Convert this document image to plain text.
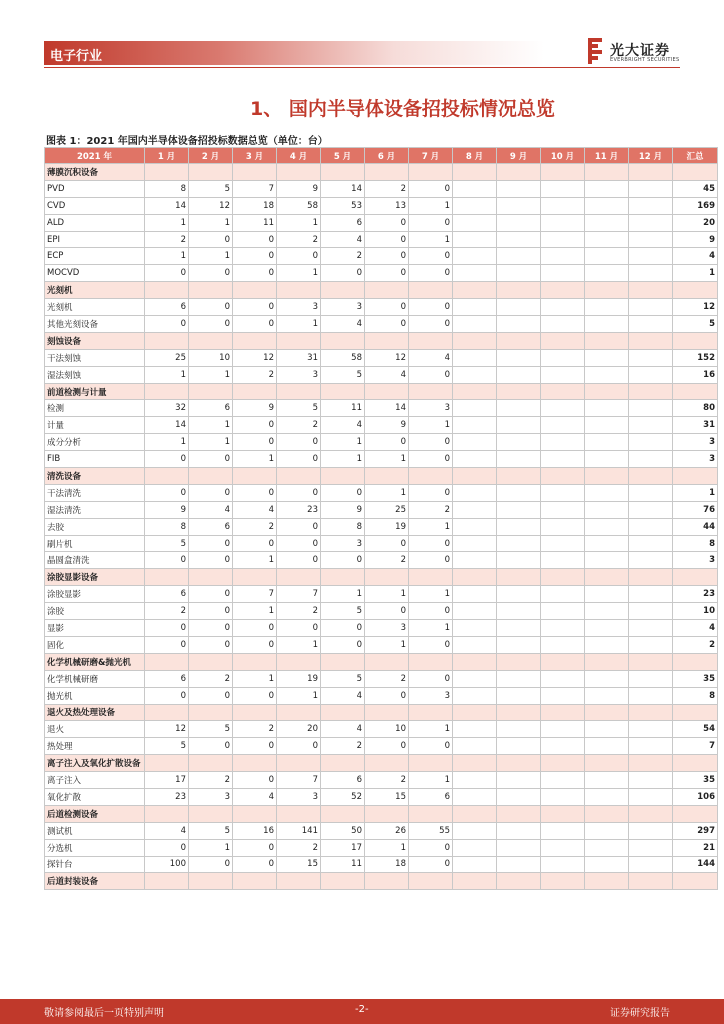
电子行业	光大证券
EVERBRIGHT SECURITIES
1、 国内半导体设备招投标情况总览
图表 1：2021 年国内半导体设备招投标数据总览（单位：台）
2021 年	1 月	2 月	3 月	4 月	5 月	6 月	7 月	8 月	9 月	10 月	11 月	12 月	汇总
薄膜沉积设备													
PVD	8	5	7	9	14	2	0						45
CVD	14	12	18	58	53	13	1						169
ALD	1	1	11	1	6	0	0						20
EPI	2	0	0	2	4	0	1						9
ECP	1	1	0	0	2	0	0						4
MOCVD	0	0	0	1	0	0	0						1
光刻机													
光刻机	6	0	0	3	3	0	0						12
其他光刻设备	0	0	0	1	4	0	0						5
刻蚀设备													
干法刻蚀	25	10	12	31	58	12	4						152
湿法刻蚀	1	1	2	3	5	4	0						16
前道检测与计量													
检测	32	6	9	5	11	14	3						80
计量	14	1	0	2	4	9	1						31
成分分析	1	1	0	0	1	0	0						3
FIB	0	0	1	0	1	1	0						3
清洗设备													
干法清洗	0	0	0	0	0	1	0						1
湿法清洗	9	4	4	23	9	25	2						76
去胶	8	6	2	0	8	19	1						44
刷片机	5	0	0	0	3	0	0						8
晶圆盒清洗	0	0	1	0	0	2	0						3
涂胶显影设备													
涂胶显影	6	0	7	7	1	1	1						23
涂胶	2	0	1	2	5	0	0						10
显影	0	0	0	0	0	3	1						4
固化	0	0	0	1	0	1	0						2
化学机械研磨&抛光机													
化学机械研磨	6	2	1	19	5	2	0						35
抛光机	0	0	0	1	4	0	3						8
退火及热处理设备													
退火	12	5	2	20	4	10	1						54
热处理	5	0	0	0	2	0	0						7
离子注入及氧化扩散设备													
离子注入	17	2	0	7	6	2	1						35
氧化扩散	23	3	4	3	52	15	6						106
后道检测设备													
测试机	4	5	16	141	50	26	55						297
分选机	0	1	0	2	17	1	0						21
探针台	100	0	0	15	11	18	0						144
后道封装设备													
敬请参阅最后一页特别声明	-2-	证券研究报告
